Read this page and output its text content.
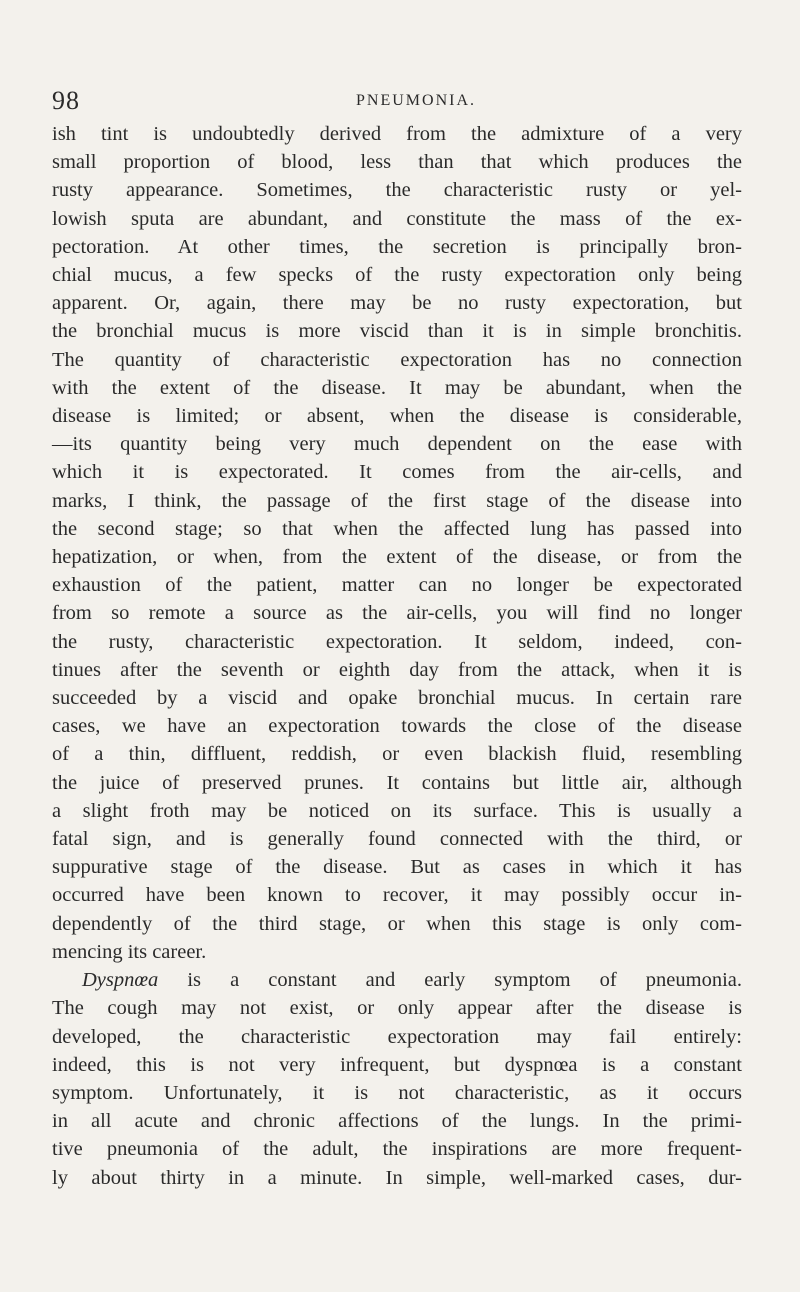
98	PNEUMONIA.
ish tint is undoubtedly derived from the admixture of a very
small proportion of blood, less than that which produces the
rusty appearance. Sometimes, the characteristic rusty or yel-
lowish sputa are abundant, and constitute the mass of the ex-
pectoration. At other times, the secretion is principally bron-
chial mucus, a few specks of the rusty expectoration only being
apparent. Or, again, there may be no rusty expectoration, but
the bronchial mucus is more viscid than it is in simple bronchitis.
The quantity of characteristic expectoration has no connection
with the extent of the disease. It may be abundant, when the
disease is limited; or absent, when the disease is considerable,
—its quantity being very much dependent on the ease with
which it is expectorated. It comes from the air-cells, and
marks, I think, the passage of the first stage of the disease into
the second stage; so that when the affected lung has passed into
hepatization, or when, from the extent of the disease, or from the
exhaustion of the patient, matter can no longer be expectorated
from so remote a source as the air-cells, you will find no longer
the rusty, characteristic expectoration. It seldom, indeed, con-
tinues after the seventh or eighth day from the attack, when it is
succeeded by a viscid and opake bronchial mucus. In certain rare
cases, we have an expectoration towards the close of the disease
of a thin, diffluent, reddish, or even blackish fluid, resembling
the juice of preserved prunes. It contains but little air, although
a slight froth may be noticed on its surface. This is usually a
fatal sign, and is generally found connected with the third, or
suppurative stage of the disease. But as cases in which it has
occurred have been known to recover, it may possibly occur in-
dependently of the third stage, or when this stage is only com-
mencing its career.
Dyspnœa is a constant and early symptom of pneumonia.
The cough may not exist, or only appear after the disease is
developed, the characteristic expectoration may fail entirely:
indeed, this is not very infrequent, but dyspnœa is a constant
symptom. Unfortunately, it is not characteristic, as it occurs
in all acute and chronic affections of the lungs. In the primi-
tive pneumonia of the adult, the inspirations are more frequent-
ly about thirty in a minute. In simple, well-marked cases, dur-
